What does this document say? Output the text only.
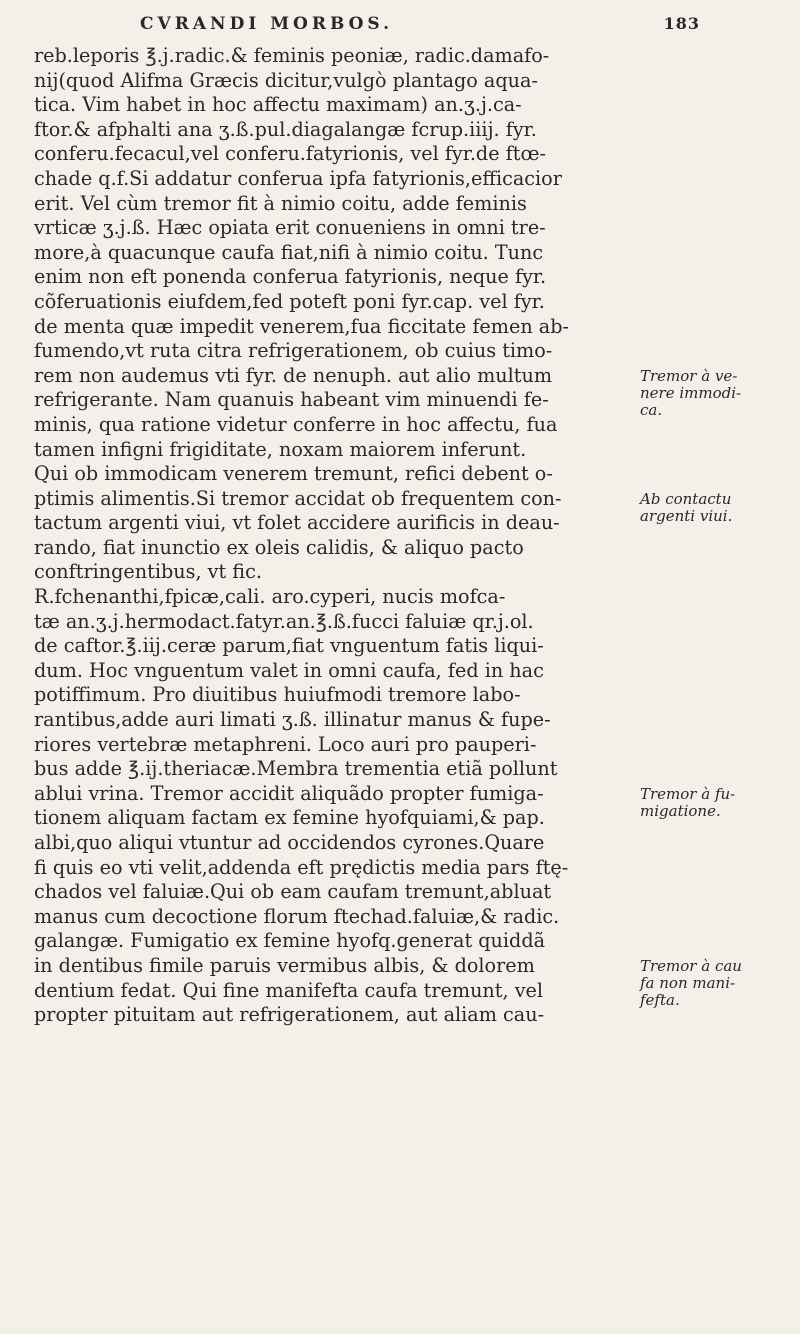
CVRANDI MORBOS.	183
reb.leporis ℥.j.radic.& feminis peoniæ, radic.damafo-
nij(quod Alifma Græcis dicitur,vulgò plantago aqua-
tica. Vim habet in hoc affectu maximam) an.ʒ.j.ca-
ftor.& afphalti ana ʒ.ß.pul.diagalangæ fcrup.iiij. fyr.
conferu.fecacul,vel conferu.fatyrionis, vel fyr.de ftœ-
chade q.f.Si addatur conferua ipfa fatyrionis,efficacior
erit. Vel cùm tremor fit à nimio coitu, adde feminis
vrticæ ʒ.j.ß. Hæc opiata erit conueniens in omni tre-
more,à quacunque caufa fiat,nifi à nimio coitu. Tunc
enim non eft ponenda conferua fatyrionis, neque fyr.
cõferuationis eiufdem,fed poteft poni fyr.cap. vel fyr.
de menta quæ impedit venerem,fua ficcitate femen ab-
fumendo,vt ruta citra refrigerationem, ob cuius timo-
rem non audemus vti fyr. de nenuph. aut alio multum
refrigerante. Nam quanuis habeant vim minuendi fe-
minis, qua ratione videtur conferre in hoc affectu, fua
tamen infigni frigiditate, noxam maiorem inferunt.
Qui ob immodicam venerem tremunt, refici debent o-
ptimis alimentis.Si tremor accidat ob frequentem con-
tactum argenti viui, vt folet accidere aurificis in deau-
rando, fiat inunctio ex oleis calidis, & aliquo pacto
conftringentibus, vt fic.
R.fchenanthi,fpicæ,cali. aro.cyperi, nucis mofca-
tæ an.ʒ.j.hermodact.fatyr.an.℥.ß.fucci faluiæ qr.j.ol.
de caftor.℥.iij.ceræ parum,fiat vnguentum fatis liqui-
dum. Hoc vnguentum valet in omni caufa, fed in hac
potiffimum. Pro diuitibus huiufmodi tremore labo-
rantibus,adde auri limati ʒ.ß. illinatur manus & fupe-
riores vertebræ metaphreni. Loco auri pro pauperi-
bus adde ℥.ij.theriacæ.Membra trementia etiã pollunt
ablui vrina. Tremor accidit aliquãdo propter fumiga-
tionem aliquam factam ex femine hyofquiami,& pap.
albi,quo aliqui vtuntur ad occidendos cyrones.Quare
fi quis eo vti velit,addenda eft prędictis media pars ftę-
chados vel faluiæ.Qui ob eam caufam tremunt,abluat
manus cum decoctione florum ftechad.faluiæ,& radic.
galangæ. Fumigatio ex femine hyofq.generat quiddã
in dentibus fimile paruis vermibus albis, & dolorem
dentium fedat. Qui fine manifefta caufa tremunt, vel
propter pituitam aut refrigerationem, aut aliam cau-
Tremor à ve-
nere immodi-
ca.
Ab contactu
argenti viui.
Tremor à fu-
migatione.
Tremor à cau
fa non mani-
fefta.
